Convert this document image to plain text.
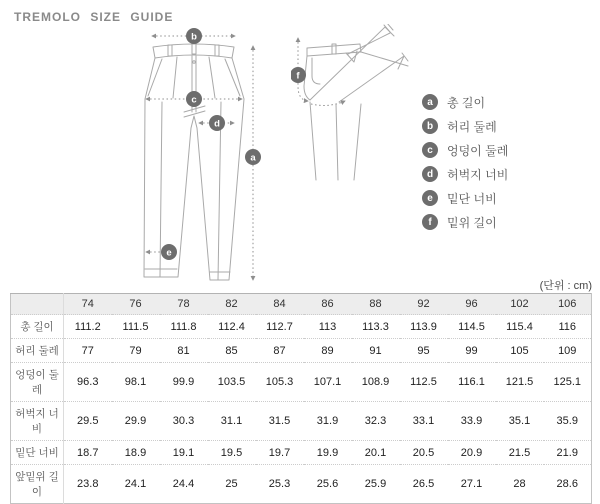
TREMOLO SIZE GUIDE
b
c
d
e
a
f
a	총 길이
b	허리 둘레
c	엉덩이 둘레
d	허벅지 너비
e	밑단 너비
f	밑위 길이
(단위 : cm)
	74	76	78	82	84	86	88	92	96	102	106
총 길이	111.2	111.5	111.8	112.4	112.7	113	113.3	113.9	114.5	115.4	116
허리 둘레	77	79	81	85	87	89	91	95	99	105	109
엉덩이 둘레	96.3	98.1	99.9	103.5	105.3	107.1	108.9	112.5	116.1	121.5	125.1
허벅지 너비	29.5	29.9	30.3	31.1	31.5	31.9	32.3	33.1	33.9	35.1	35.9
밑단 너비	18.7	18.9	19.1	19.5	19.7	19.9	20.1	20.5	20.9	21.5	21.9
앞밑위 길이	23.8	24.1	24.4	25	25.3	25.6	25.9	26.5	27.1	28	28.6
